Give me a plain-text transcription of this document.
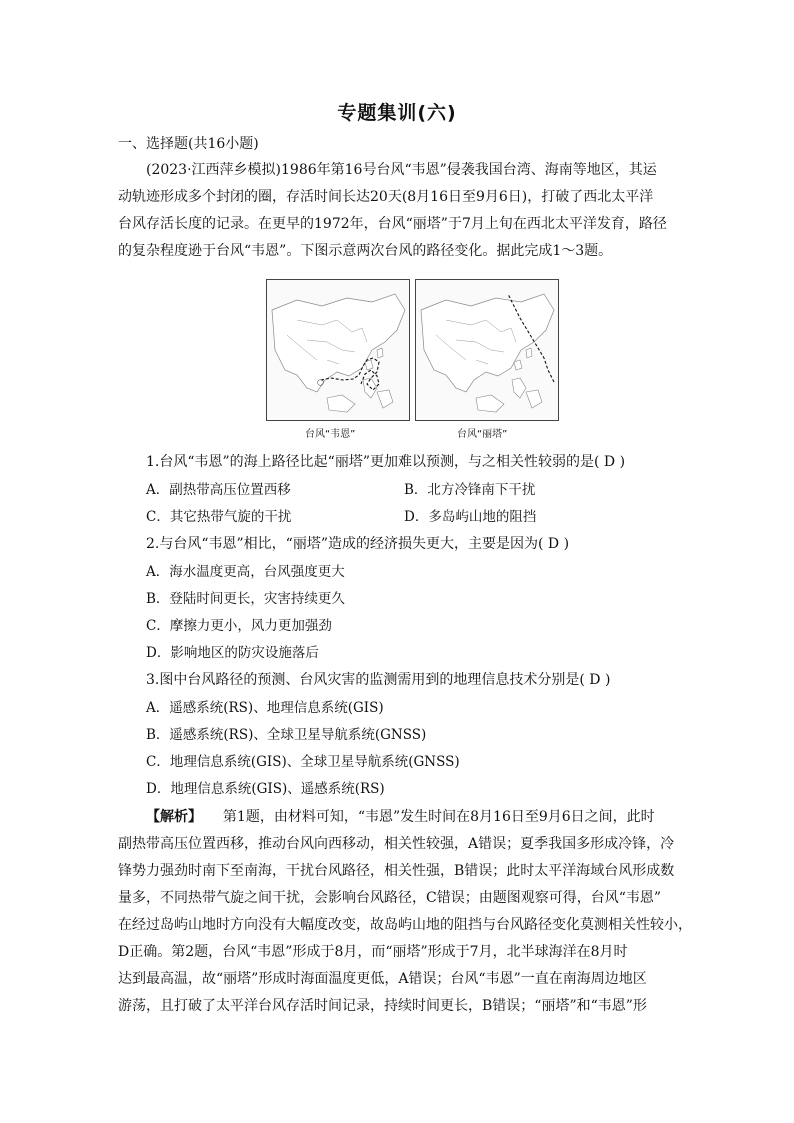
专题集训(六)
一、选择题(共16小题)
(2023·江西萍乡模拟)1986年第16号台风“韦恩”侵袭我国台湾、海南等地区，其运
动轨迹形成多个封闭的圈，存活时间长达20天(8月16日至9月6日)，打破了西北太平洋
台风存活长度的记录。在更早的1972年，台风“丽塔”于7月上旬在西北太平洋发育，路径
的复杂程度逊于台风“韦恩”。下图示意两次台风的路径变化。据此完成1～3题。
◯
台风“韦恩”	台风“丽塔”
1.台风“韦恩”的海上路径比起“丽塔”更加难以预测，与之相关性较弱的是( D )
A．副热带高压位置西移	B．北方冷锋南下干扰
C．其它热带气旋的干扰	D．多岛屿山地的阻挡
2.与台风“韦恩”相比，“丽塔”造成的经济损失更大，主要是因为( D )
A．海水温度更高，台风强度更大
B．登陆时间更长，灾害持续更久
C．摩擦力更小，风力更加强劲
D．影响地区的防灾设施落后
3.图中台风路径的预测、台风灾害的监测需用到的地理信息技术分别是( D )
A．遥感系统(RS)、地理信息系统(GIS)
B．遥感系统(RS)、全球卫星导航系统(GNSS)
C．地理信息系统(GIS)、全球卫星导航系统(GNSS)
D．地理信息系统(GIS)、遥感系统(RS)
【解析】 第1题，由材料可知，“韦恩”发生时间在8月16日至9月6日之间，此时
副热带高压位置西移，推动台风向西移动，相关性较强，A错误；夏季我国多形成冷锋，冷
锋势力强劲时南下至南海，干扰台风路径，相关性强，B错误；此时太平洋海域台风形成数
量多，不同热带气旋之间干扰，会影响台风路径，C错误；由题图观察可得，台风“韦恩”
在经过岛屿山地时方向没有大幅度改变，故岛屿山地的阻挡与台风路径变化莫测相关性较小，
D正确。第2题，台风“韦恩”形成于8月，而“丽塔”形成于7月，北半球海洋在8月时
达到最高温，故“丽塔”形成时海面温度更低，A错误；台风“韦恩”一直在南海周边地区
游荡，且打破了太平洋台风存活时间记录，持续时间更长，B错误；“丽塔”和“韦恩”形
